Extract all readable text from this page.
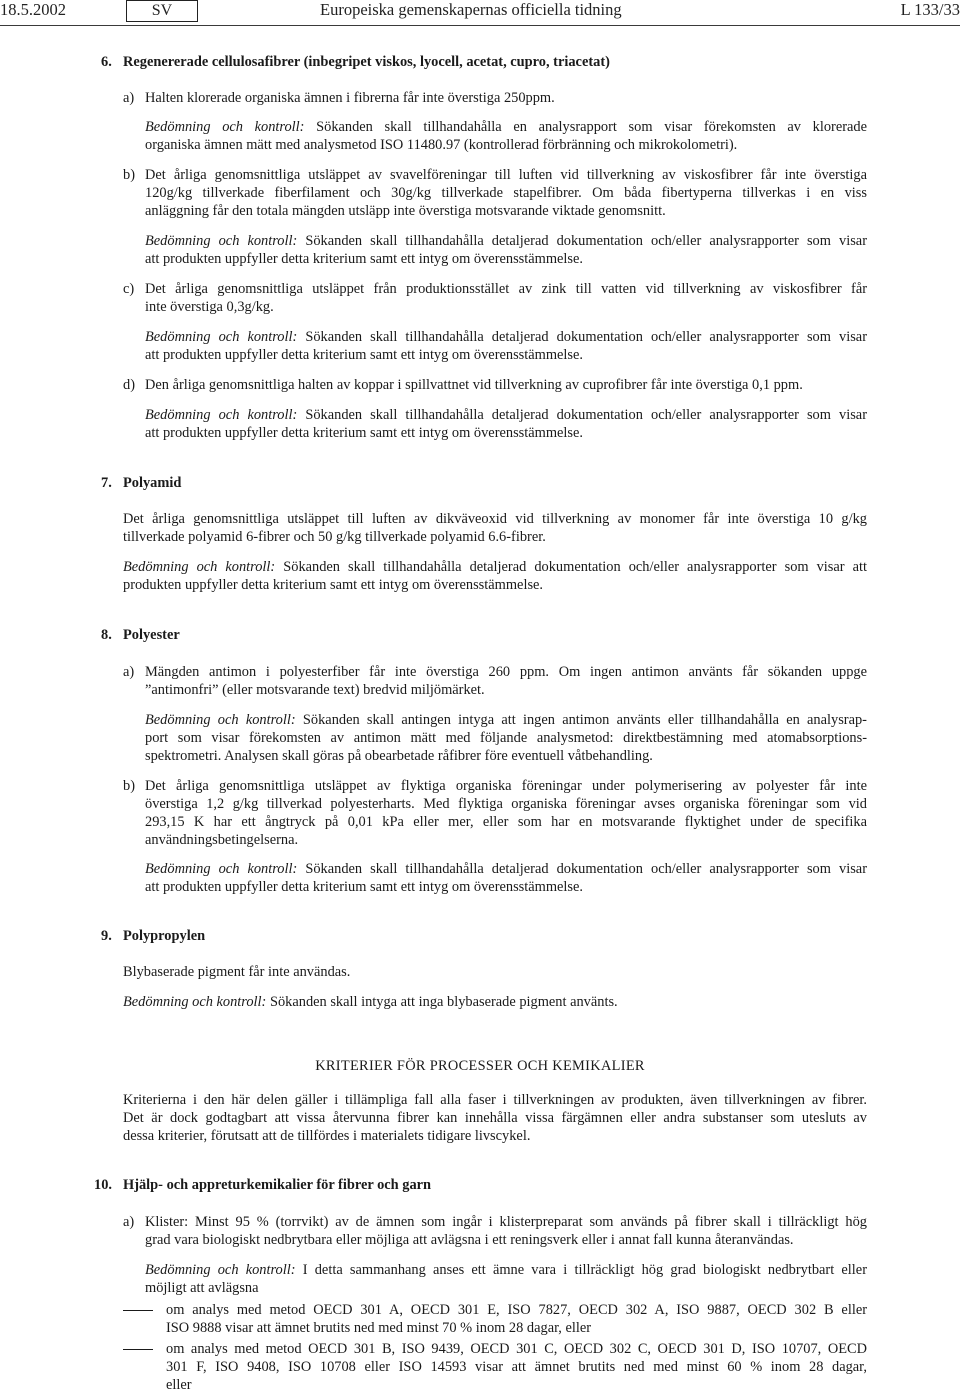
18.5.2002	SV	Europeiska gemenskapernas officiella tidning	L 133/33
6. Regenererade cellulosafibrer (inbegripet viskos, lyocell, acetat, cupro, triacetat)
a) Halten klorerade organiska ämnen i fibrerna får inte överstiga 250ppm.
Bedömning och kontroll: Sökanden skall tillhandahålla en analysrapport som visar förekomsten av klorerade
organiska ämnen mätt med analysmetod ISO 11480.97 (kontrollerad förbränning och mikrokolometri).
b) Det årliga genomsnittliga utsläppet av svavelföreningar till luften vid tillverkning av viskosfibrer får inte överstiga
120g/kg tillverkade fiberfilament och 30g/kg tillverkade stapelfibrer. Om båda fibertyperna tillverkas i en viss
anläggning får den totala mängden utsläpp inte överstiga motsvarande viktade genomsnitt.
Bedömning och kontroll: Sökanden skall tillhandahålla detaljerad dokumentation och/eller analysrapporter som visar
att produkten uppfyller detta kriterium samt ett intyg om överensstämmelse.
c) Det årliga genomsnittliga utsläppet från produktionsstället av zink till vatten vid tillverkning av viskosfibrer får
inte överstiga 0,3g/kg.
Bedömning och kontroll: Sökanden skall tillhandahålla detaljerad dokumentation och/eller analysrapporter som visar
att produkten uppfyller detta kriterium samt ett intyg om överensstämmelse.
d) Den årliga genomsnittliga halten av koppar i spillvattnet vid tillverkning av cuprofibrer får inte överstiga 0,1 ppm.
Bedömning och kontroll: Sökanden skall tillhandahålla detaljerad dokumentation och/eller analysrapporter som visar
att produkten uppfyller detta kriterium samt ett intyg om överensstämmelse.
7. Polyamid
Det årliga genomsnittliga utsläppet till luften av dikväveoxid vid tillverkning av monomer får inte överstiga 10 g/kg
tillverkade polyamid 6-fibrer och 50 g/kg tillverkade polyamid 6.6-fibrer.
Bedömning och kontroll: Sökanden skall tillhandahålla detaljerad dokumentation och/eller analysrapporter som visar att
produkten uppfyller detta kriterium samt ett intyg om överensstämmelse.
8. Polyester
a) Mängden antimon i polyesterfiber får inte överstiga 260 ppm. Om ingen antimon använts får sökanden uppge
”antimonfri” (eller motsvarande text) bredvid miljömärket.
Bedömning och kontroll: Sökanden skall antingen intyga att ingen antimon använts eller tillhandahålla en analysrap-
port som visar förekomsten av antimon mätt med följande analysmetod: direktbestämning med atomabsorptions-
spektrometri. Analysen skall göras på obearbetade råfibrer före eventuell våtbehandling.
b) Det årliga genomsnittliga utsläppet av flyktiga organiska föreningar under polymerisering av polyester får inte
överstiga 1,2 g/kg tillverkad polyesterharts. Med flyktiga organiska föreningar avses organiska föreningar som vid
293,15 K har ett ångtryck på 0,01 kPa eller mer, eller som har en motsvarande flyktighet under de specifika
användningsbetingelserna.
Bedömning och kontroll: Sökanden skall tillhandahålla detaljerad dokumentation och/eller analysrapporter som visar
att produkten uppfyller detta kriterium samt ett intyg om överensstämmelse.
9. Polypropylen
Blybaserade pigment får inte användas.
Bedömning och kontroll: Sökanden skall intyga att inga blybaserade pigment använts.
KRITERIER FÖR PROCESSER OCH KEMIKALIER
Kriterierna i den här delen gäller i tillämpliga fall alla faser i tillverkningen av produkten, även tillverkningen av fibrer.
Det är dock godtagbart att vissa återvunna fibrer kan innehålla vissa färgämnen eller andra substanser som utesluts av
dessa kriterier, förutsatt att de tillfördes i materialets tidigare livscykel.
10. Hjälp- och appreturkemikalier för fibrer och garn
a) Klister: Minst 95 % (torrvikt) av de ämnen som ingår i klisterpreparat som används på fibrer skall i tillräckligt hög
grad vara biologiskt nedbrytbara eller möjliga att avlägsna i ett reningsverk eller i annat fall kunna återanvändas.
Bedömning och kontroll: I detta sammanhang anses ett ämne vara i tillräckligt hög grad biologiskt nedbrytbart eller
möjligt att avlägsna
om analys med metod OECD 301 A, OECD 301 E, ISO 7827, OECD 302 A, ISO 9887, OECD 302 B eller
ISO 9888 visar att ämnet brutits ned med minst 70 % inom 28 dagar, eller
om analys med metod OECD 301 B, ISO 9439, OECD 301 C, OECD 302 C, OECD 301 D, ISO 10707, OECD
301 F, ISO 9408, ISO 10708 eller ISO 14593 visar att ämnet brutits ned med minst 60 % inom 28 dagar,
eller
